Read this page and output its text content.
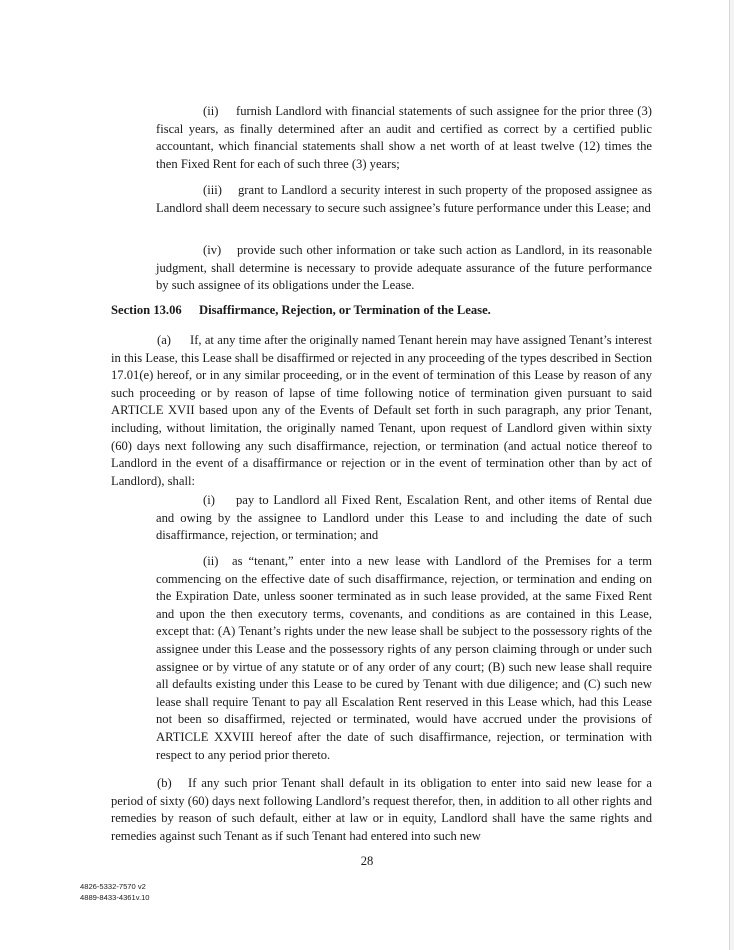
(ii) furnish Landlord with financial statements of such assignee for the prior three (3) fiscal years, as finally determined after an audit and certified as correct by a certified public accountant, which financial statements shall show a net worth of at least twelve (12) times the then Fixed Rent for each of such three (3) years;

(iii) grant to Landlord a security interest in such property of the proposed assignee as Landlord shall deem necessary to secure such assignee’s future performance under this Lease; and

(iv) provide such other information or take such action as Landlord, in its reasonable judgment, shall determine is necessary to provide adequate assurance of the future performance by such assignee of its obligations under the Lease.

Section 13.06 Disaffirmance, Rejection, or Termination of the Lease.

(a) If, at any time after the originally named Tenant herein may have assigned Tenant’s interest in this Lease, this Lease shall be disaffirmed or rejected in any proceeding of the types described in Section 17.01(e) hereof, or in any similar proceeding, or in the event of termination of this Lease by reason of any such proceeding or by reason of lapse of time following notice of termination given pursuant to said ARTICLE XVII based upon any of the Events of Default set forth in such paragraph, any prior Tenant, including, without limitation, the originally named Tenant, upon request of Landlord given within sixty (60) days next following any such disaffirmance, rejection, or termination (and actual notice thereof to Landlord in the event of a disaffirmance or rejection or in the event of termination other than by act of Landlord), shall:

(i) pay to Landlord all Fixed Rent, Escalation Rent, and other items of Rental due and owing by the assignee to Landlord under this Lease to and including the date of such disaffirmance, rejection, or termination; and

(ii) as “tenant,” enter into a new lease with Landlord of the Premises for a term commencing on the effective date of such disaffirmance, rejection, or termination and ending on the Expiration Date, unless sooner terminated as in such lease provided, at the same Fixed Rent and upon the then executory terms, covenants, and conditions as are contained in this Lease, except that: (A) Tenant’s rights under the new lease shall be subject to the possessory rights of the assignee under this Lease and the possessory rights of any person claiming through or under such assignee or by virtue of any statute or of any order of any court; (B) such new lease shall require all defaults existing under this Lease to be cured by Tenant with due diligence; and (C) such new lease shall require Tenant to pay all Escalation Rent reserved in this Lease which, had this Lease not been so disaffirmed, rejected or terminated, would have accrued under the provisions of ARTICLE XXVIII hereof after the date of such disaffirmance, rejection, or termination with respect to any period prior thereto.

(b) If any such prior Tenant shall default in its obligation to enter into said new lease for a period of sixty (60) days next following Landlord’s request therefor, then, in addition to all other rights and remedies by reason of such default, either at law or in equity, Landlord shall have the same rights and remedies against such Tenant as if such Tenant had entered into such new

28
4826-5332-7570 v2
4889-8433-4361v.10
